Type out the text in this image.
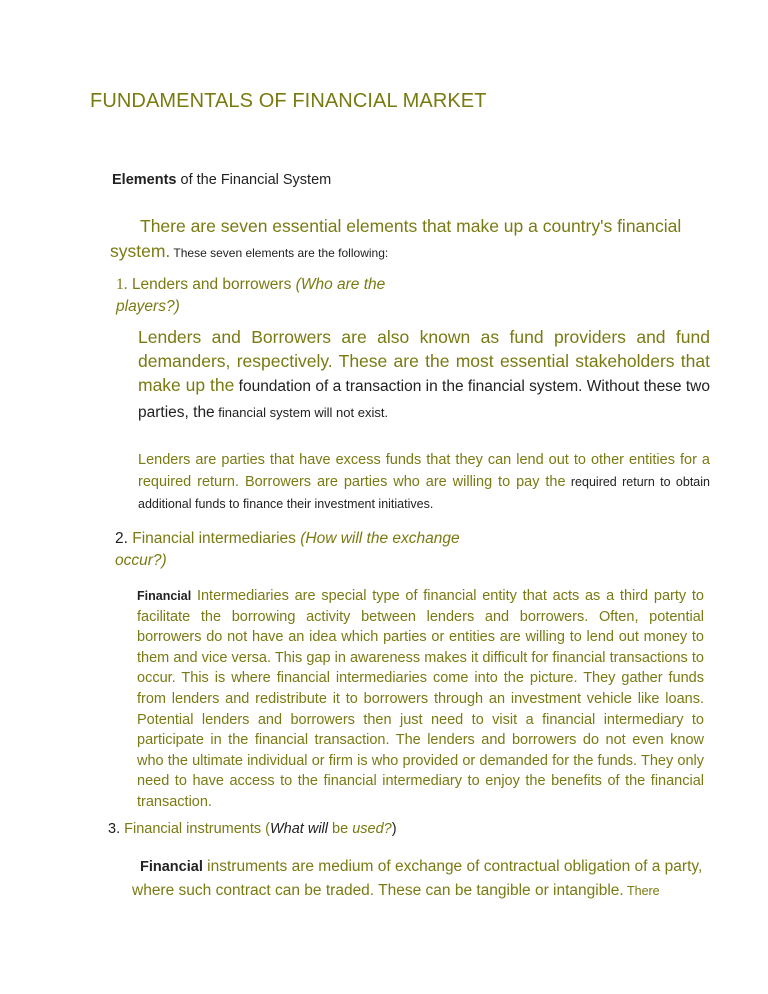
FUNDAMENTALS OF FINANCIAL MARKET

Elements of the Financial System

There are seven essential elements that make up a country's financial system. These seven elements are the following:

1. Lenders and borrowers (Who are the players?)

Lenders and Borrowers are also known as fund providers and fund demanders, respectively. These are the most essential stakeholders that make up the foundation of a transaction in the financial system. Without these two parties, the financial system will not exist.

Lenders are parties that have excess funds that they can lend out to other entities for a required return. Borrowers are parties who are willing to pay the required return to obtain additional funds to finance their investment initiatives.

2. Financial intermediaries (How will the exchange occur?)

Financial Intermediaries are special type of financial entity that acts as a third party to facilitate the borrowing activity between lenders and borrowers. Often, potential borrowers do not have an idea which parties or entities are willing to lend out money to them and vice versa. This gap in awareness makes it difficult for financial transactions to occur. This is where financial intermediaries come into the picture. They gather funds from lenders and redistribute it to borrowers through an investment vehicle like loans. Potential lenders and borrowers then just need to visit a financial intermediary to participate in the financial transaction. The lenders and borrowers do not even know who the ultimate individual or firm is who provided or demanded for the funds. They only need to have access to the financial intermediary to enjoy the benefits of the financial transaction.

3. Financial instruments (What will be used?)

Financial instruments are medium of exchange of contractual obligation of a party, where such contract can be traded. These can be tangible or intangible. There
